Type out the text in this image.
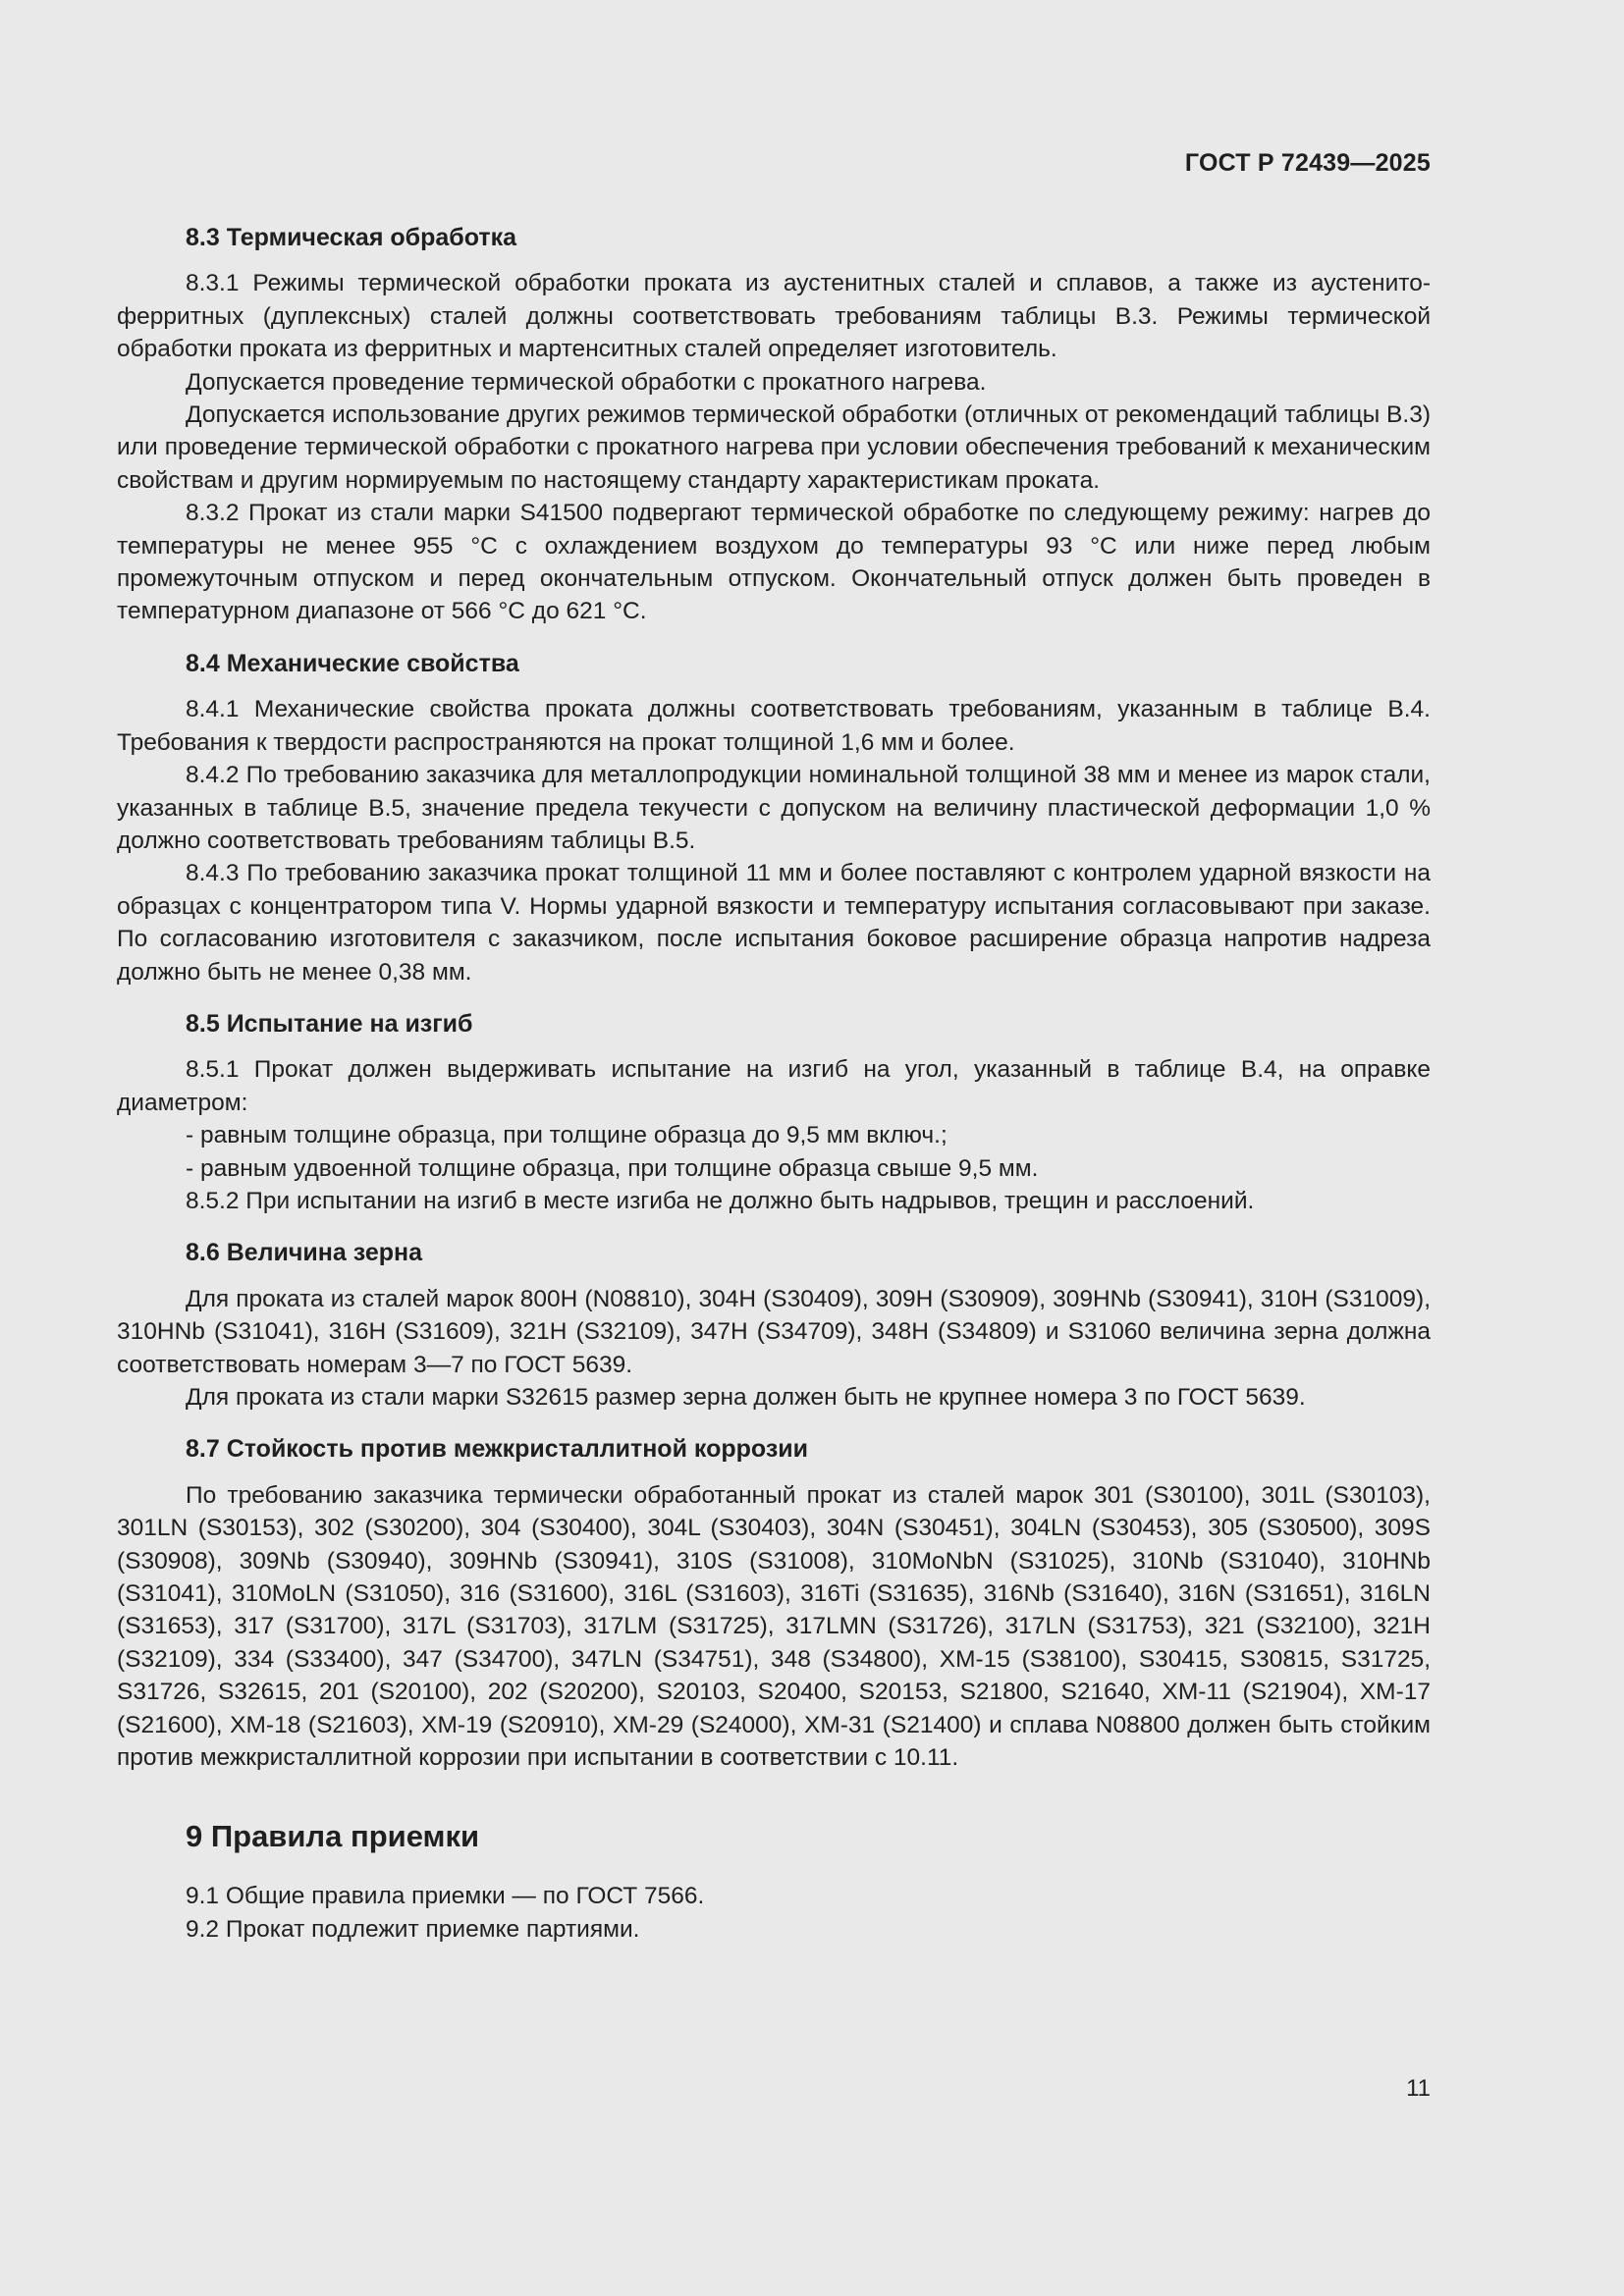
ГОСТ Р 72439—2025
8.3 Термическая обработка

8.3.1 Режимы термической обработки проката из аустенитных сталей и сплавов, а также из аустенито-ферритных (дуплексных) сталей должны соответствовать требованиям таблицы В.3. Режимы термической обработки проката из ферритных и мартенситных сталей определяет изготовитель.

Допускается проведение термической обработки с прокатного нагрева.

Допускается использование других режимов термической обработки (отличных от рекомендаций таблицы В.3) или проведение термической обработки с прокатного нагрева при условии обеспечения требований к механическим свойствам и другим нормируемым по настоящему стандарту характеристикам проката.

8.3.2 Прокат из стали марки S41500 подвергают термической обработке по следующему режиму: нагрев до температуры не менее 955 °С с охлаждением воздухом до температуры 93 °С или ниже перед любым промежуточным отпуском и перед окончательным отпуском. Окончательный отпуск должен быть проведен в температурном диапазоне от 566 °С до 621 °С.

8.4 Механические свойства

8.4.1 Механические свойства проката должны соответствовать требованиям, указанным в таблице В.4. Требования к твердости распространяются на прокат толщиной 1,6 мм и более.

8.4.2 По требованию заказчика для металлопродукции номинальной толщиной 38 мм и менее из марок стали, указанных в таблице В.5, значение предела текучести с допуском на величину пластической деформации 1,0 % должно соответствовать требованиям таблицы В.5.

8.4.3 По требованию заказчика прокат толщиной 11 мм и более поставляют с контролем ударной вязкости на образцах с концентратором типа V. Нормы ударной вязкости и температуру испытания согласовывают при заказе. По согласованию изготовителя с заказчиком, после испытания боковое расширение образца напротив надреза должно быть не менее 0,38 мм.

8.5 Испытание на изгиб

8.5.1 Прокат должен выдерживать испытание на изгиб на угол, указанный в таблице В.4, на оправке диаметром:

- равным толщине образца, при толщине образца до 9,5 мм включ.;

- равным удвоенной толщине образца, при толщине образца свыше 9,5 мм.

8.5.2 При испытании на изгиб в месте изгиба не должно быть надрывов, трещин и расслоений.

8.6 Величина зерна

Для проката из сталей марок 800Н (N08810), 304Н (S30409), 309Н (S30909), 309HNb (S30941), 310Н (S31009), 310HNb (S31041), 316Н (S31609), 321Н (S32109), 347Н (S34709), 348Н (S34809) и S31060 величина зерна должна соответствовать номерам 3—7 по ГОСТ 5639.

Для проката из стали марки S32615 размер зерна должен быть не крупнее номера 3 по ГОСТ 5639.

8.7 Стойкость против межкристаллитной коррозии

По требованию заказчика термически обработанный прокат из сталей марок 301 (S30100), 301L (S30103), 301LN (S30153), 302 (S30200), 304 (S30400), 304L (S30403), 304N (S30451), 304LN (S30453), 305 (S30500), 309S (S30908), 309Nb (S30940), 309HNb (S30941), 310S (S31008), 310MoNbN (S31025), 310Nb (S31040), 310HNb (S31041), 310MoLN (S31050), 316 (S31600), 316L (S31603), 316Ti (S31635), 316Nb (S31640), 316N (S31651), 316LN (S31653), 317 (S31700), 317L (S31703), 317LM (S31725), 317LMN (S31726), 317LN (S31753), 321 (S32100), 321Н (S32109), 334 (S33400), 347 (S34700), 347LN (S34751), 348 (S34800), ХМ-15 (S38100), S30415, S30815, S31725, S31726, S32615, 201 (S20100), 202 (S20200), S20103, S20400, S20153, S21800, S21640, ХМ-11 (S21904), ХМ-17 (S21600), ХМ-18 (S21603), ХМ-19 (S20910), ХМ-29 (S24000), ХМ-31 (S21400) и сплава N08800 должен быть стойким против межкристаллитной коррозии при испытании в соответствии с 10.11.

9 Правила приемки

9.1 Общие правила приемки — по ГОСТ 7566.

9.2 Прокат подлежит приемке партиями.

11
